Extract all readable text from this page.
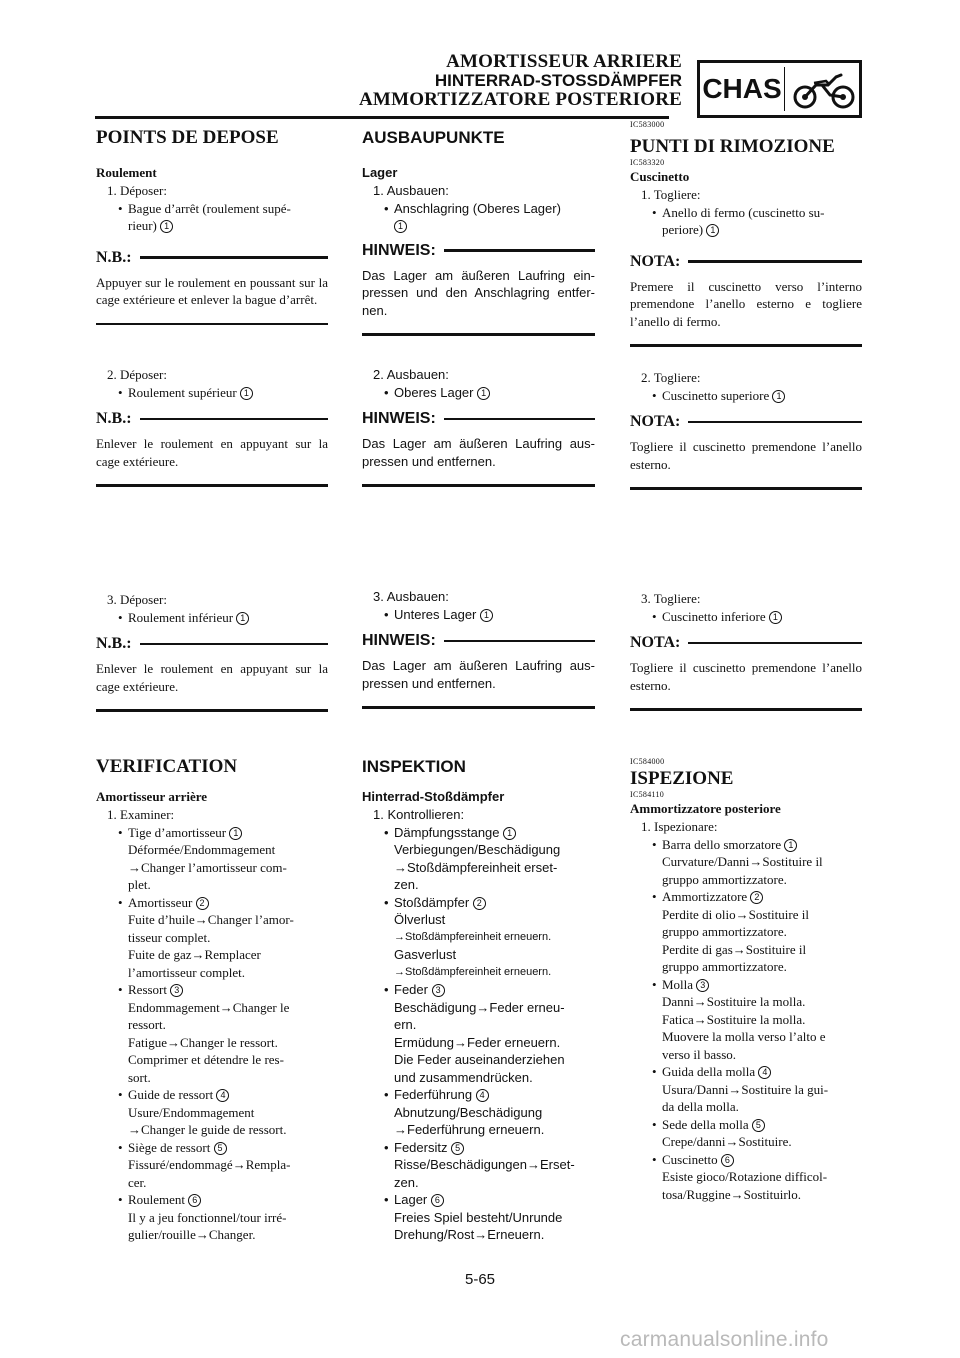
AMORTISSEUR ARRIERE
HINTERRAD-STOSSDÄMPFER
AMMORTIZZATORE POSTERIORE CHAS
POINTS DE DEPOSE
Roulement
1. Déposer:
• Bague d’arrêt (roulement supé-
rieur) 1
N.B.:
Appuyer sur le roulement en poussant sur la cage extérieure et enlever la bague d’arrêt.
2. Déposer:
• Roulement supérieur 1
N.B.:
Enlever le roulement en appuyant sur la cage extérieure.
3. Déposer:
• Roulement inférieur 1
N.B.:
Enlever le roulement en appuyant sur la cage extérieure.
VERIFICATION
Amortisseur arrière
1. Examiner:
• Tige d’amortisseur 1
Déformée/Endommagement
→Changer l’amortisseur com-
plet.
• Amortisseur 2
Fuite d’huile→Changer l’amor-
tisseur complet.
Fuite de gaz→Remplacer
l’amortisseur complet.
• Ressort 3
Endommagement→Changer le
ressort.
Fatigue→Changer le ressort.
Comprimer et détendre le res-
sort.
• Guide de ressort 4
Usure/Endommagement
→Changer le guide de ressort.
• Siège de ressort 5
Fissuré/endommagé→Rempla-
cer.
• Roulement 6
Il y a jeu fonctionnel/tour irré-
gulier/rouille→Changer.
AUSBAUPUNKTE
Lager
1. Ausbauen:
• Anschlagring (Oberes Lager)
1
HINWEIS:
Das Lager am äußeren Laufring ein-pressen und den Anschlagring entfer-nen.
2. Ausbauen:
• Oberes Lager 1
HINWEIS:
Das Lager am äußeren Laufring aus-pressen und entfernen.
3. Ausbauen:
• Unteres Lager 1
HINWEIS:
Das Lager am äußeren Laufring aus-pressen und entfernen.
INSPEKTION
Hinterrad-Stoßdämpfer
1. Kontrollieren:
• Dämpfungsstange 1
Verbiegungen/Beschädigung
→Stoßdämpfereinheit erset-
zen.
• Stoßdämpfer 2
Ölverlust
→Stoßdämpfereinheit erneuern.
Gasverlust
→Stoßdämpfereinheit erneuern.
• Feder 3
Beschädigung→Feder erneu-
ern.
Ermüdung→Feder erneuern.
Die Feder auseinanderziehen
und zusammendrücken.
• Federführung 4
Abnutzung/Beschädigung
→Federführung erneuern.
• Federsitz 5
Risse/Beschädigungen→Erset-
zen.
• Lager 6
Freies Spiel besteht/Unrunde
Drehung/Rost→Erneuern.
IC583000
PUNTI DI RIMOZIONE
IC583320
Cuscinetto
1. Togliere:
• Anello di fermo (cuscinetto su-
periore) 1
NOTA:
Premere il cuscinetto verso l’interno premendone l’anello esterno e togliere l’anello di fermo.
2. Togliere:
• Cuscinetto superiore 1
NOTA:
Togliere il cuscinetto premendone l’anello esterno.
3. Togliere:
• Cuscinetto inferiore 1
NOTA:
Togliere il cuscinetto premendone l’anello esterno.
IC584000
ISPEZIONE
IC584110
Ammortizzatore posteriore
1. Ispezionare:
• Barra dello smorzatore 1
Curvature/Danni→Sostituire il
gruppo ammortizzatore.
• Ammortizzatore 2
Perdite di olio→Sostituire il
gruppo ammortizzatore.
Perdite di gas→Sostituire il
gruppo ammortizzatore.
• Molla 3
Danni→Sostituire la molla.
Fatica→Sostituire la molla.
Muovere la molla verso l’alto e
verso il basso.
• Guida della molla 4
Usura/Danni→Sostituire la gui-
da della molla.
• Sede della molla 5
Crepe/danni→Sostituire.
• Cuscinetto 6
Esiste gioco/Rotazione difficol-
tosa/Ruggine→Sostituirlo.
5-65
carmanualsonline.info
